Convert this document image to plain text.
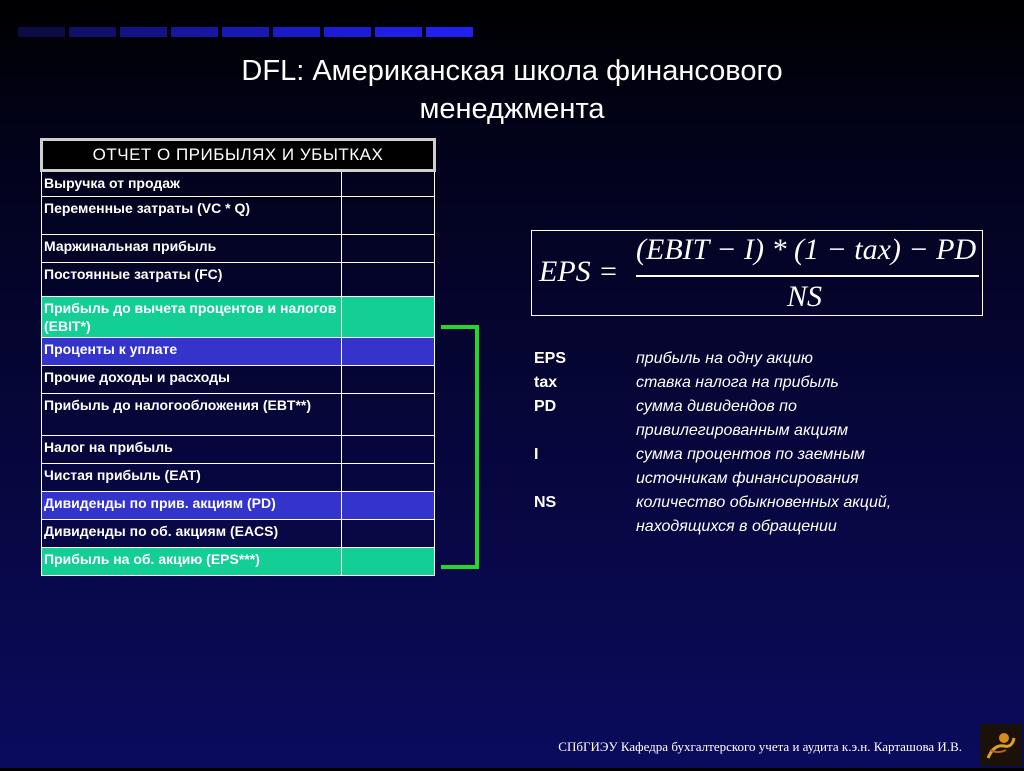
DFL: Американская школа финансового
менеджмента
ОТЧЕТ О ПРИБЫЛЯХ И УБЫТКАХ	
Выручка от продаж	
Переменные затраты (VC * Q)	
Маржинальная прибыль	
Постоянные затраты (FC)	
Прибыль до вычета процентов и налогов (EBIT*)	
Проценты к уплате	
Прочие доходы и расходы	
Прибыль до налогообложения (EBT**)	
Налог на прибыль	
Чистая прибыль (EAT)	
Дивиденды по прив. акциям (PD)	
Дивиденды по об. акциям (EACS)	
Прибыль на об. акцию (EPS***)	
EPS =
(EBIT − I) * (1 − tax) − PD
NS
EPS	прибыль на одну акцию
tax	ставка налога на прибыль
PD	сумма дивидендов по
привилегированным акциям
I	сумма процентов по заемным
источникам финансирования
NS	количество обыкновенных акций,
находящихся в обращении
СПбГИЭУ Кафедра бухгалтерского учета и аудита к.э.н. Карташова И.В.
